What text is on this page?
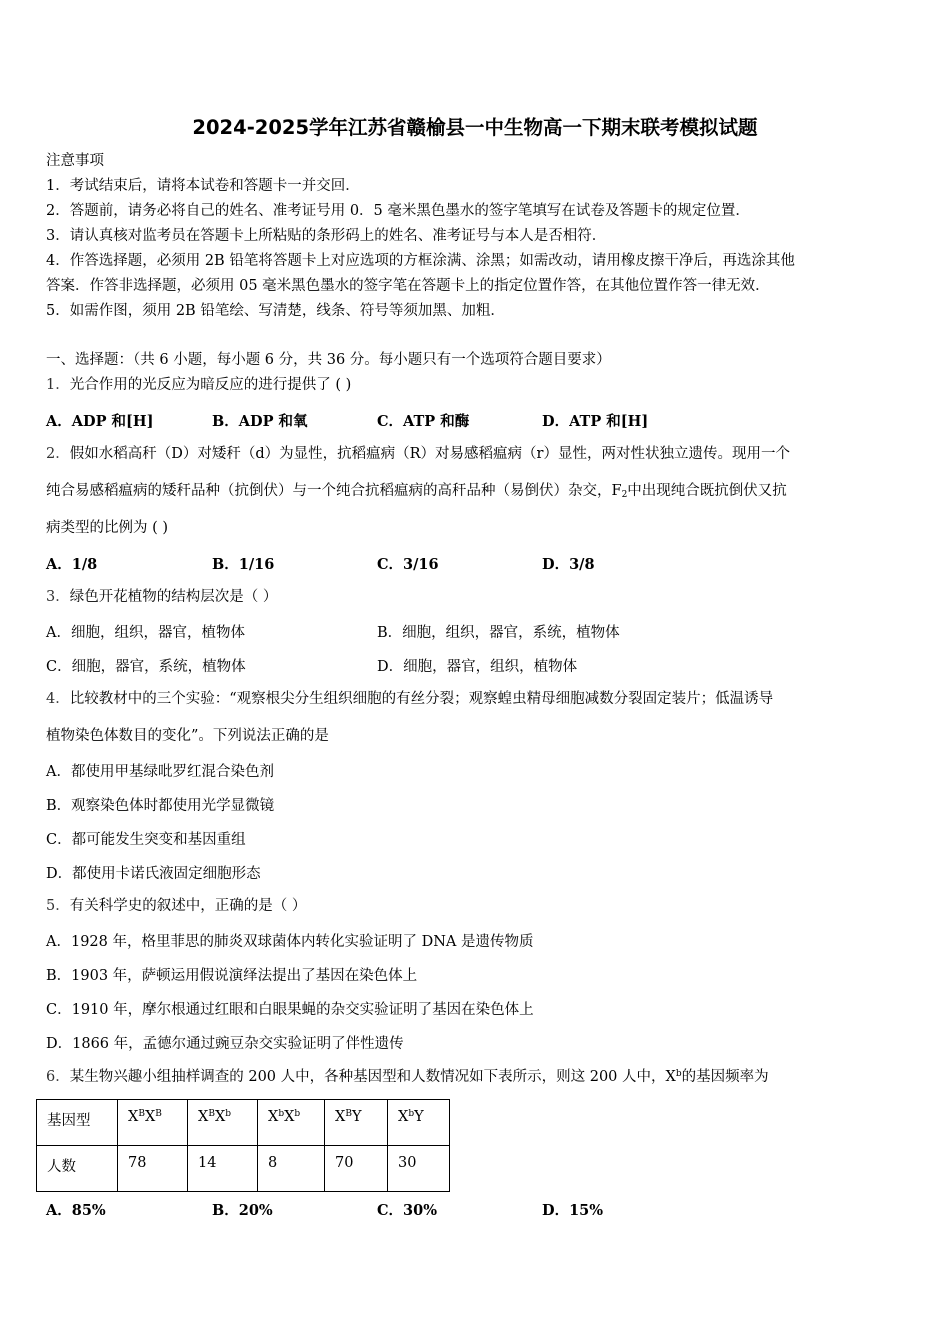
2024-2025学年江苏省赣榆县一中生物高一下期末联考模拟试题
注意事项
1．考试结束后，请将本试卷和答题卡一并交回．
2．答题前，请务必将自己的姓名、准考证号用 0．5 毫米黑色墨水的签字笔填写在试卷及答题卡的规定位置．
3．请认真核对监考员在答题卡上所粘贴的条形码上的姓名、准考证号与本人是否相符．
4．作答选择题，必须用 2B 铅笔将答题卡上对应选项的方框涂满、涂黑；如需改动，请用橡皮擦干净后，再选涂其他
答案．作答非选择题，必须用 05 毫米黑色墨水的签字笔在答题卡上的指定位置作答，在其他位置作答一律无效．
5．如需作图，须用 2B 铅笔绘、写清楚，线条、符号等须加黑、加粗．
一、选择题：（共 6 小题，每小题 6 分，共 36 分。每小题只有一个选项符合题目要求）
1．光合作用的光反应为暗反应的进行提供了 ( )
A．ADP 和[H]	B．ADP 和氧	C．ATP 和酶	D．ATP 和[H]
2．假如水稻高秆（D）对矮秆（d）为显性，抗稻瘟病（R）对易感稻瘟病（r）显性，两对性状独立遗传。现用一个
纯合易感稻瘟病的矮秆品种（抗倒伏）与一个纯合抗稻瘟病的高秆品种（易倒伏）杂交，$F_2$中出现纯合既抗倒伏又抗
病类型的比例为 ( )
A．1/8	B．1/16	C．3/16	D．3/8
3．绿色开花植物的结构层次是（ ）
A．细胞，组织，器官，植物体	B．细胞，组织，器官，系统，植物体
C．细胞，器官，系统，植物体	D．细胞，器官，组织，植物体
4．比较教材中的三个实验：“观察根尖分生组织细胞的有丝分裂；观察蝗虫精母细胞减数分裂固定装片；低温诱导
植物染色体数目的变化”。下列说法正确的是
A．都使用甲基绿吡罗红混合染色剂
B．观察染色体时都使用光学显微镜
C．都可能发生突变和基因重组
D．都使用卡诺氏液固定细胞形态
5．有关科学史的叙述中，正确的是（ ）
A．1928 年，格里菲思的肺炎双球菌体内转化实验证明了 DNA 是遗传物质
B．1903 年，萨顿运用假说演绎法提出了基因在染色体上
C．1910 年，摩尔根通过红眼和白眼果蝇的杂交实验证明了基因在染色体上
D．1866 年，孟德尔通过豌豆杂交实验证明了伴性遗传
6．某生物兴趣小组抽样调查的 200 人中，各种基因型和人数情况如下表所示，则这 200 人中，$X^b$的基因频率为
基因型	$X^BX^B$	$X^BX^b$	$X^bX^b$	$X^BY$	$X^bY$
人数	78	14	8	70	30
A．85%	B．20%	C．30%	D．15%
